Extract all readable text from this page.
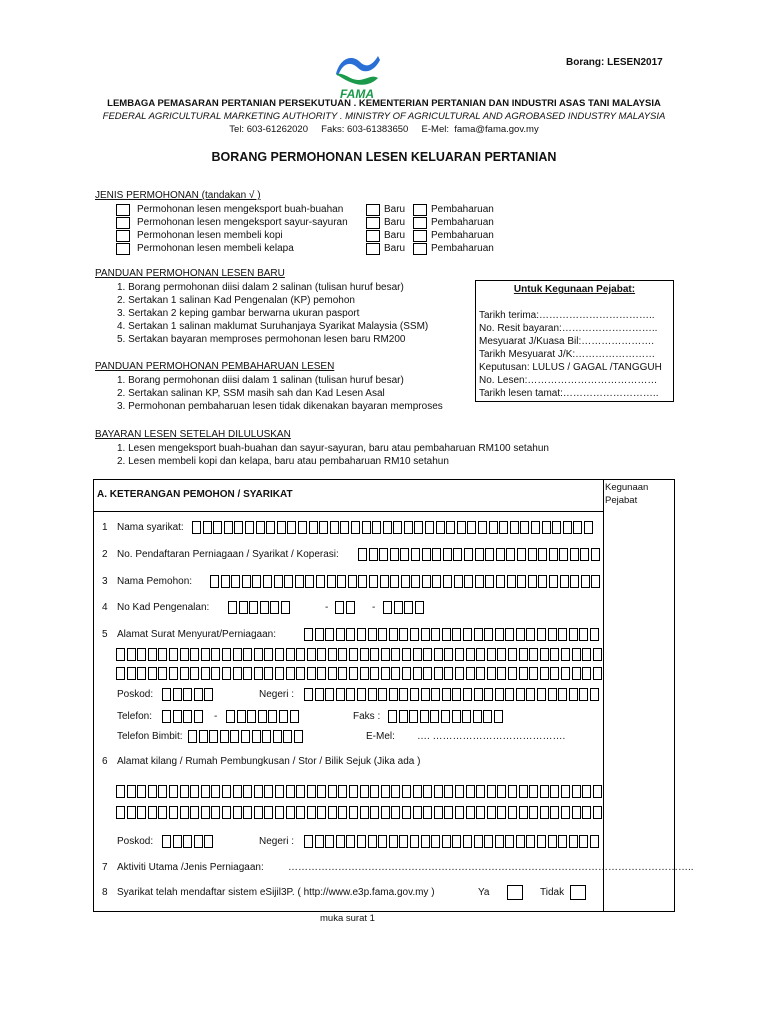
Borang: LESEN2017
FAMA
LEMBAGA PEMASARAN PERTANIAN PERSEKUTUAN . KEMENTERIAN PERTANIAN DAN INDUSTRI ASAS TANI MALAYSIA
FEDERAL AGRICULTURAL MARKETING AUTHORITY . MINISTRY OF AGRICULTURAL AND AGROBASED INDUSTRY MALAYSIA
Tel: 603-61262020     Faks: 603-61383650     E-Mel:  fama@fama.gov.my
BORANG PERMOHONAN LESEN KELUARAN PERTANIAN
JENIS PERMOHONAN (tandakan √ )
Permohonan lesen mengeksport buah-buahan	Baru	Pembaharuan
Permohonan lesen mengeksport sayur-sayuran	Baru	Pembaharuan
Permohonan lesen membeli kopi	Baru	Pembaharuan
Permohonan lesen membeli kelapa	Baru	Pembaharuan
PANDUAN PERMOHONAN LESEN BARU
1. Borang permohonan diisi dalam 2 salinan (tulisan huruf besar)
2. Sertakan 1 salinan Kad Pengenalan (KP) pemohon
3. Sertakan 2 keping gambar berwarna ukuran pasport
4. Sertakan 1 salinan maklumat Suruhanjaya Syarikat Malaysia (SSM)
5. Sertakan bayaran memproses permohonan lesen baru RM200
PANDUAN PERMOHONAN PEMBAHARUAN LESEN
1. Borang permohonan diisi dalam 1 salinan (tulisan huruf besar)
2. Sertakan salinan KP, SSM masih sah dan Kad Lesen Asal
3. Permohonan pembaharuan lesen tidak dikenakan bayaran memproses
Untuk Kegunaan Pejabat:
Tarikh terima:……………………………..
No. Resit bayaran:………………………..
Mesyuarat J/Kuasa Bil:………………….
Tarikh Mesyuarat J/K:……………………
Keputusan: LULUS / GAGAL /TANGGUH
No. Lesen:…………………………………
Tarikh lesen tamat:………………………..
BAYARAN LESEN SETELAH DILULUSKAN
1. Lesen mengeksport buah-buahan dan sayur-sayuran, baru atau pembaharuan RM100 setahun
2. Lesen membeli kopi dan kelapa, baru atau pembaharuan RM10 setahun
A. KETERANGAN PEMOHON / SYARIKAT
Kegunaan
Pejabat
1 Nama syarikat:
2 No. Pendaftaran Perniagaan / Syarikat / Koperasi:
3 Nama Pemohon:
4 No Kad Pengenalan:	-	-
5 Alamat Surat Menyurat/Perniagaan:
Poskod:	Negeri :
Telefon:	-	Faks :
Telefon Bimbit:	E-Mel: …. ………………………………….
6 Alamat kilang / Rumah Pembungkusan / Stor / Bilik Sejuk (Jika ada )
Poskod:	Negeri :
7 Aktiviti Utama /Jenis Perniagaan: …………………………………………………………………………………………………………..
8 Syarikat telah mendaftar sistem eSijil3P. ( http://www.e3p.fama.gov.my )	Ya	Tidak
muka surat 1
